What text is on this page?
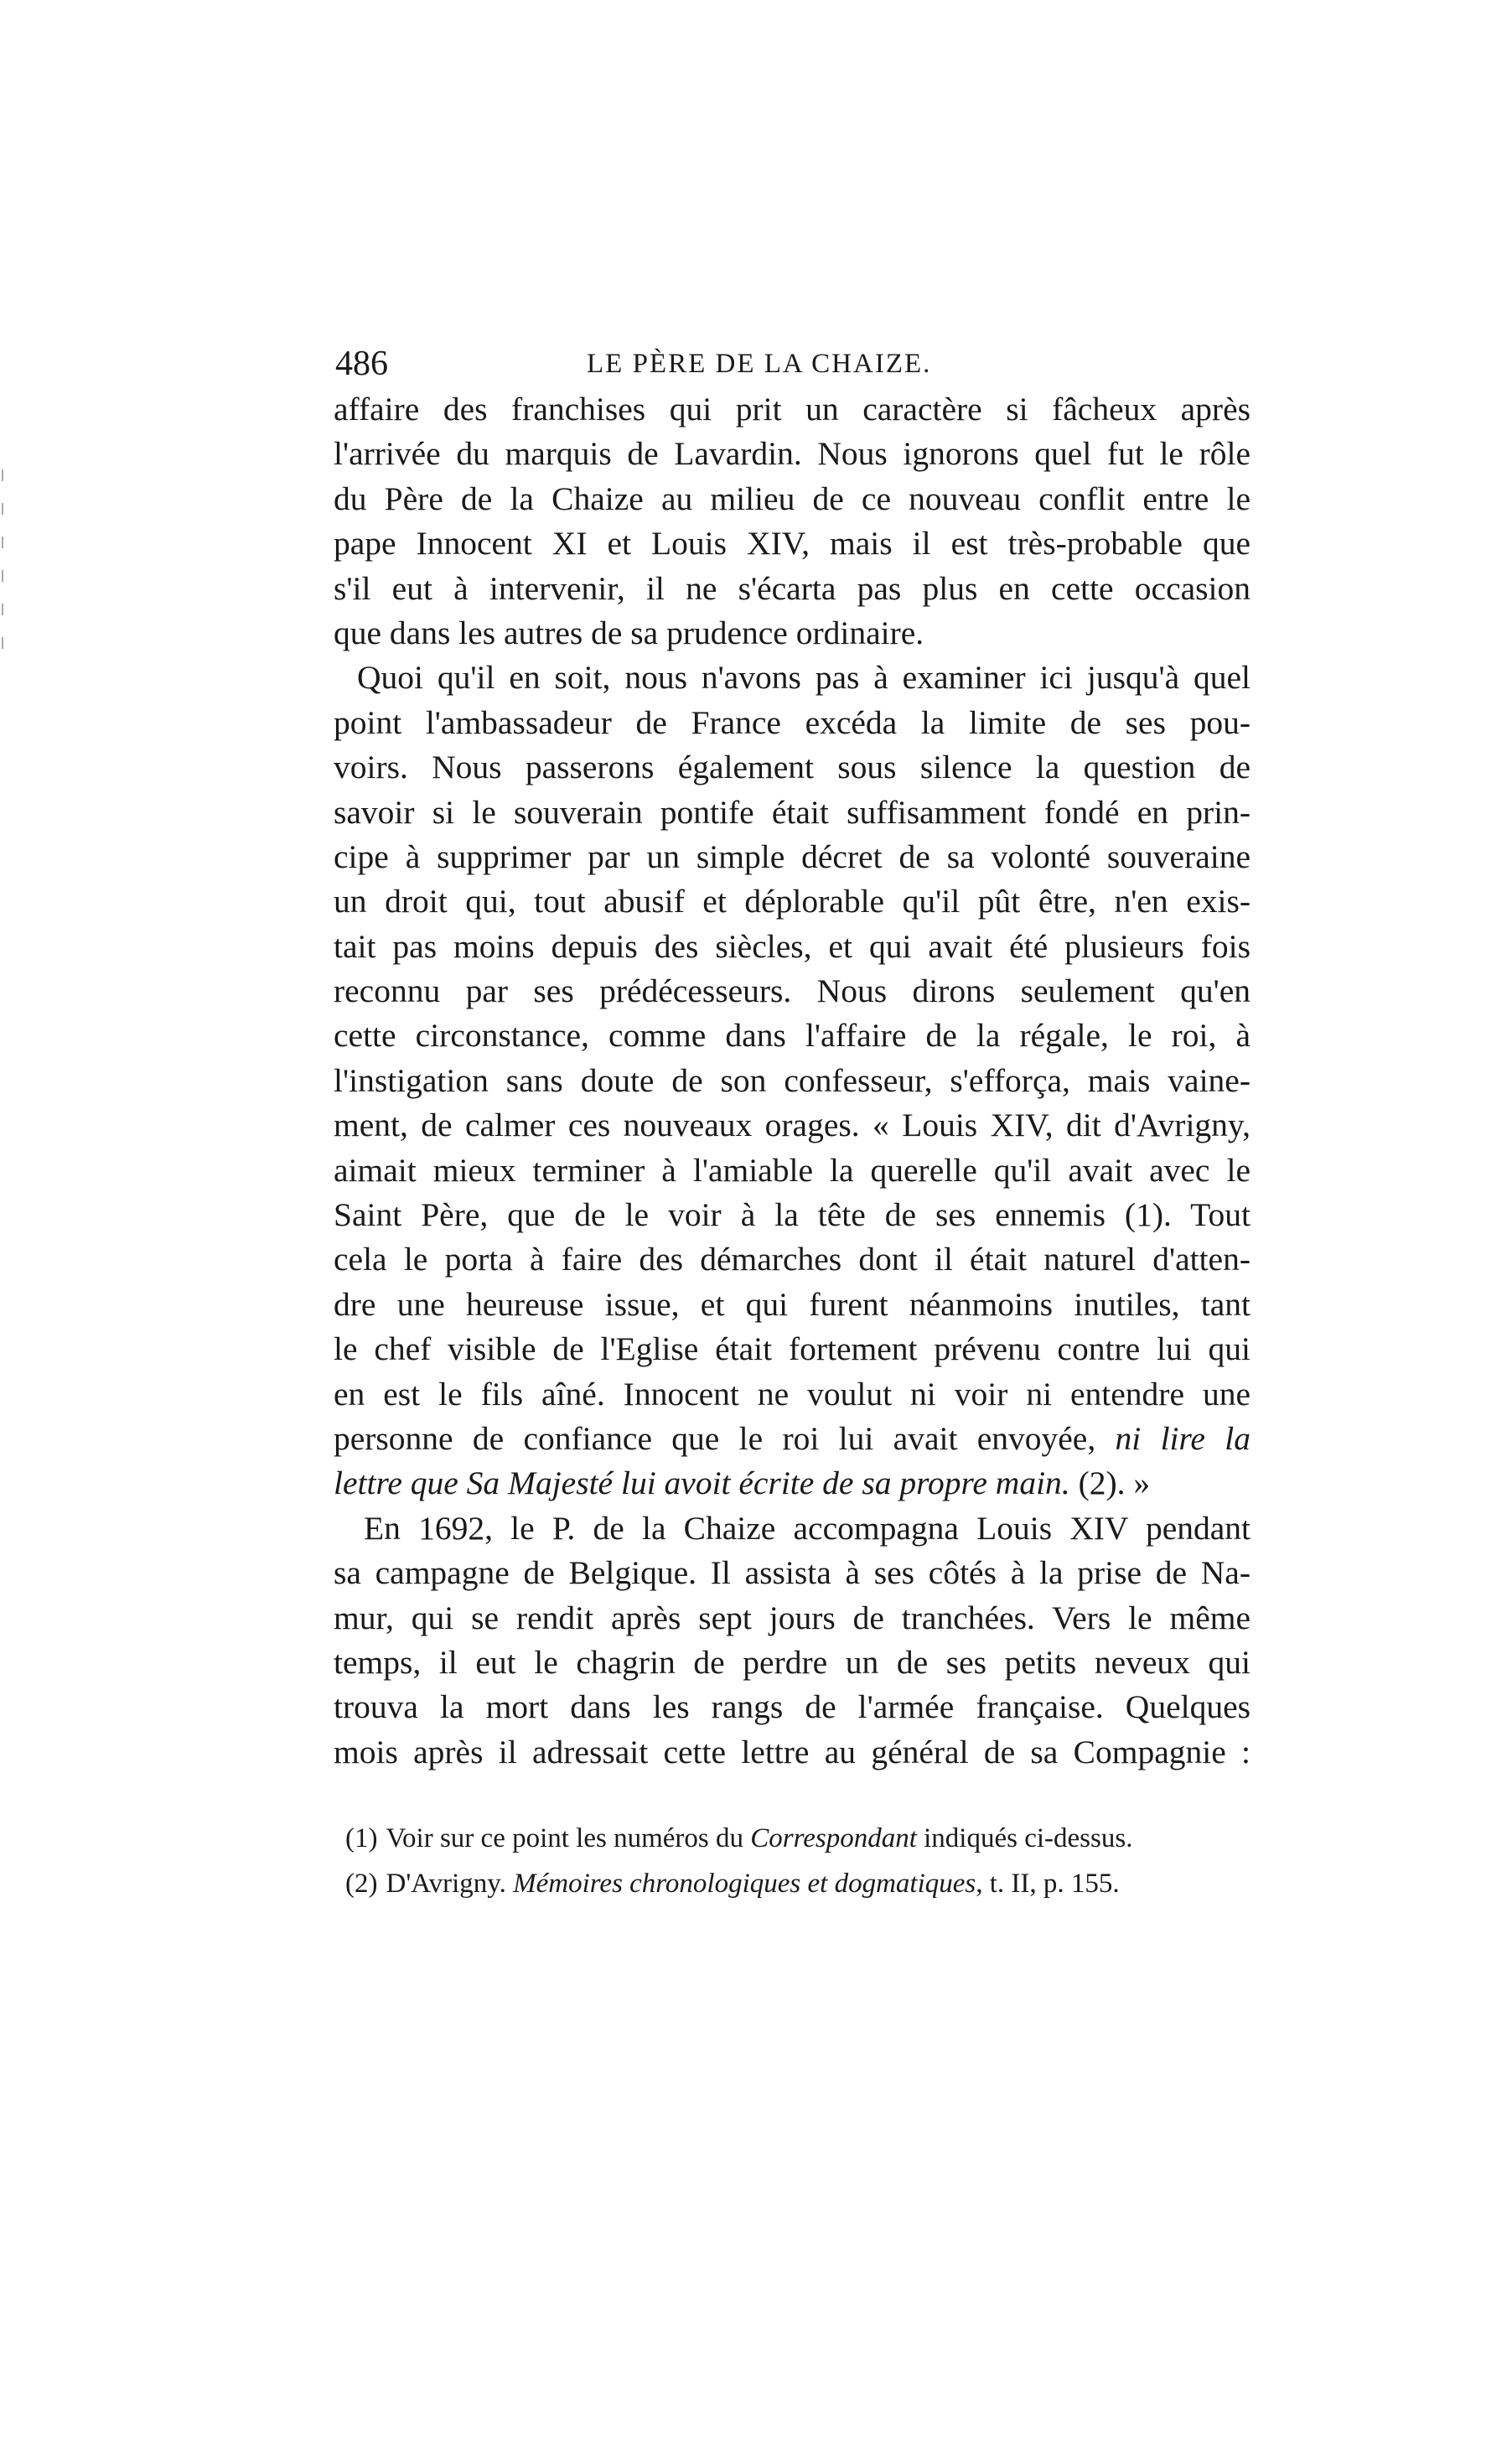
486	LE PÈRE DE LA CHAIZE.
affaire des franchises qui prit un caractère si fâcheux après
l'arrivée du marquis de Lavardin. Nous ignorons quel fut le rôle
du Père de la Chaize au milieu de ce nouveau conflit entre le
pape Innocent XI et Louis XIV, mais il est très-probable que
s'il eut à intervenir, il ne s'écarta pas plus en cette occasion
que dans les autres de sa prudence ordinaire.
Quoi qu'il en soit, nous n'avons pas à examiner ici jusqu'à quel
point l'ambassadeur de France excéda la limite de ses pou-
voirs. Nous passerons également sous silence la question de
savoir si le souverain pontife était suffisamment fondé en prin-
cipe à supprimer par un simple décret de sa volonté souveraine
un droit qui, tout abusif et déplorable qu'il pût être, n'en exis-
tait pas moins depuis des siècles, et qui avait été plusieurs fois
reconnu par ses prédécesseurs. Nous dirons seulement qu'en
cette circonstance, comme dans l'affaire de la régale, le roi, à
l'instigation sans doute de son confesseur, s'efforça, mais vaine-
ment, de calmer ces nouveaux orages. « Louis XIV, dit d'Avrigny,
aimait mieux terminer à l'amiable la querelle qu'il avait avec le
Saint Père, que de le voir à la tête de ses ennemis (1). Tout
cela le porta à faire des démarches dont il était naturel d'atten-
dre une heureuse issue, et qui furent néanmoins inutiles, tant
le chef visible de l'Eglise était fortement prévenu contre lui qui
en est le fils aîné. Innocent ne voulut ni voir ni entendre une
personne de confiance que le roi lui avait envoyée, ni lire la
lettre que Sa Majesté lui avoit écrite de sa propre main. (2). »
En 1692, le P. de la Chaize accompagna Louis XIV pendant
sa campagne de Belgique. Il assista à ses côtés à la prise de Na-
mur, qui se rendit après sept jours de tranchées. Vers le même
temps, il eut le chagrin de perdre un de ses petits neveux qui
trouva la mort dans les rangs de l'armée française. Quelques
mois après il adressait cette lettre au général de sa Compagnie :
(1) Voir sur ce point les numéros du Correspondant indiqués ci-dessus.
(2) D'Avrigny. Mémoires chronologiques et dogmatiques, t. II, p. 155.
